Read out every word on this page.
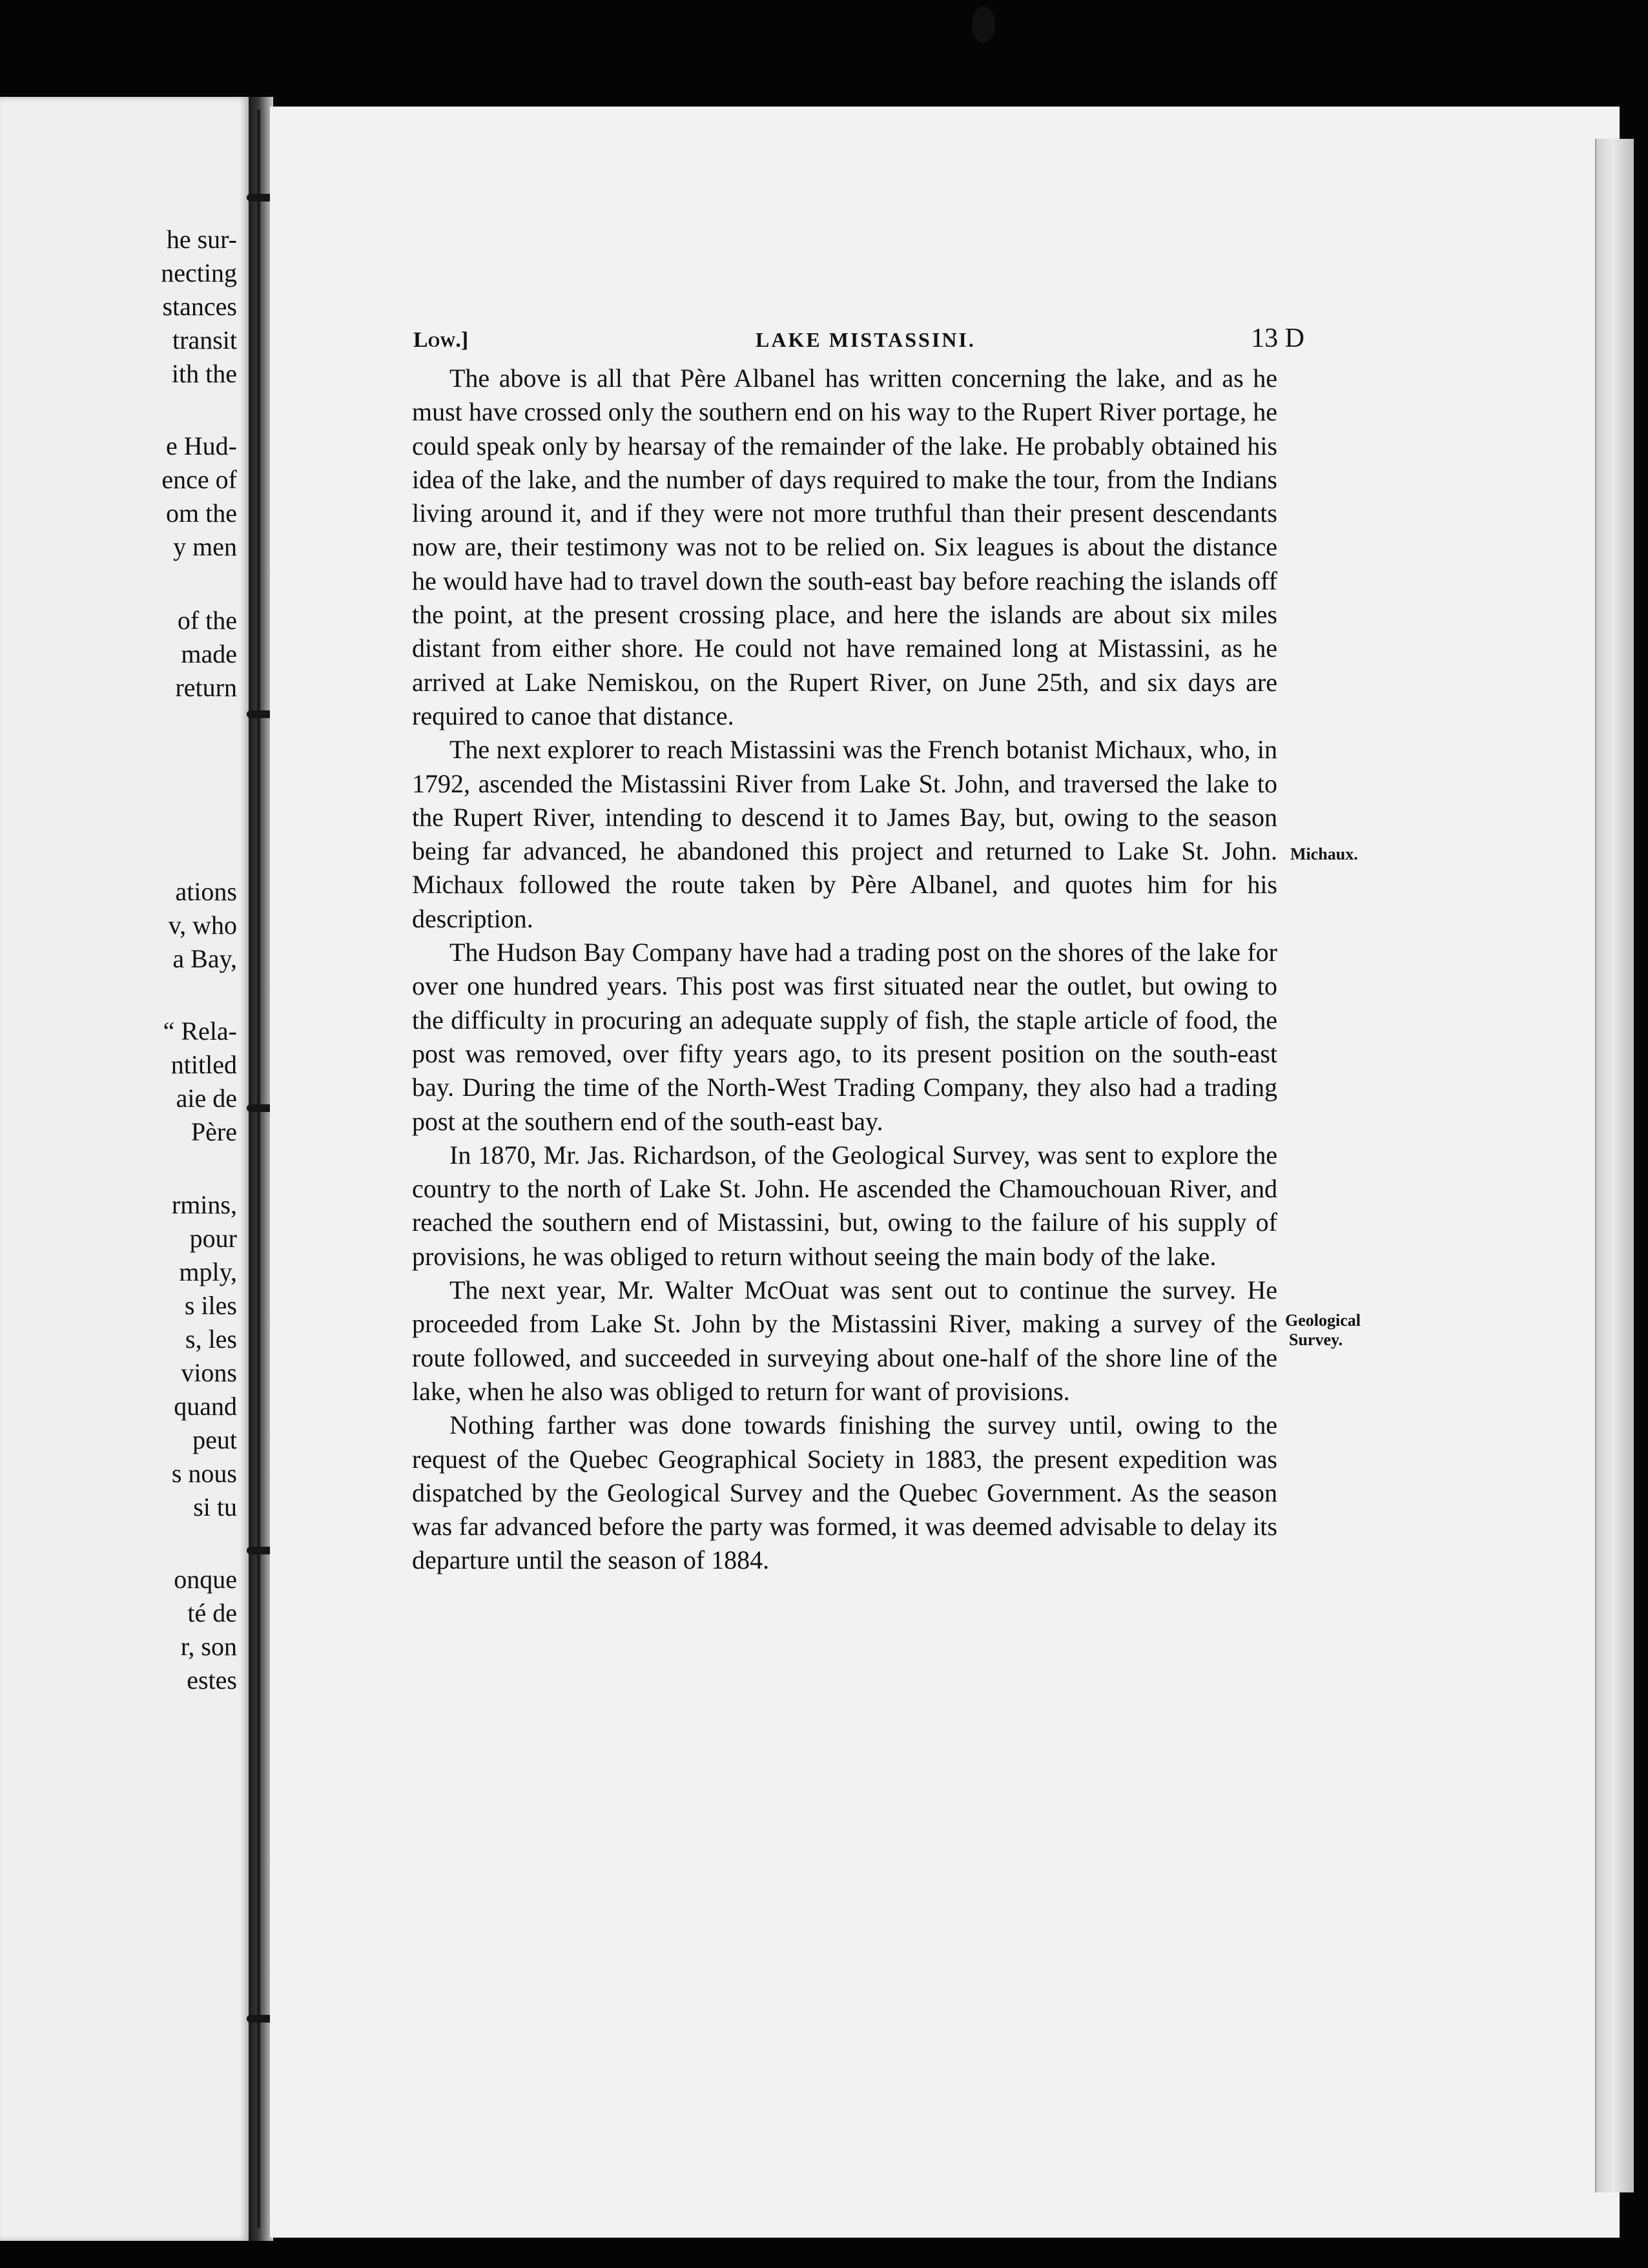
he sur-
necting
stances
transit
ith the
e Hud-
ence of
om the
y men
of the
made
return
ations
v, who
a Bay,
“ Rela-
ntitled
aie de
Père
rmins,
pour
mply,
s iles
s, les
vions
quand
peut
s nous
si tu
onque
té de
r, son
estes
Low.]	LAKE MISTASSINI.	13 D

The above is all that Père Albanel has written concerning the lake, and as he must have crossed only the southern end on his way to the Rupert River portage, he could speak only by hearsay of the remainder of the lake. He probably obtained his idea of the lake, and the number of days required to make the tour, from the Indians living around it, and if they were not more truthful than their present descendants now are, their testimony was not to be relied on. Six leagues is about the distance he would have had to travel down the south-east bay before reaching the islands off the point, at the present crossing place, and here the islands are about six miles distant from either shore. He could not have remained long at Mistassini, as he arrived at Lake Nemiskou, on the Rupert River, on June 25th, and six days are required to canoe that distance.

The next explorer to reach Mistassini was the French botanist Michaux, who, in 1792, ascended the Mistassini River from Lake St. John, and traversed the lake to the Rupert River, intending to descend it to James Bay, but, owing to the season being far advanced, he abandoned this project and returned to Lake St. John. Michaux followed the route taken by Père Albanel, and quotes him for his description.

The Hudson Bay Company have had a trading post on the shores of the lake for over one hundred years. This post was first situated near the outlet, but owing to the difficulty in procuring an adequate supply of fish, the staple article of food, the post was removed, over fifty years ago, to its present position on the south-east bay. During the time of the North-West Trading Company, they also had a trading post at the southern end of the south-east bay.

In 1870, Mr. Jas. Richardson, of the Geological Survey, was sent to explore the country to the north of Lake St. John. He ascended the Chamouchouan River, and reached the southern end of Mistassini, but, owing to the failure of his supply of provisions, he was obliged to return without seeing the main body of the lake.

The next year, Mr. Walter McOuat was sent out to continue the survey. He proceeded from Lake St. John by the Mistassini River, making a survey of the route followed, and succeeded in surveying about one-half of the shore line of the lake, when he also was obliged to return for want of provisions.

Nothing farther was done towards finishing the survey until, owing to the request of the Quebec Geographical Society in 1883, the present expedition was dispatched by the Geological Survey and the Quebec Government. As the season was far advanced before the party was formed, it was deemed advisable to delay its departure until the season of 1884.

Michaux.
Geological
Survey.
